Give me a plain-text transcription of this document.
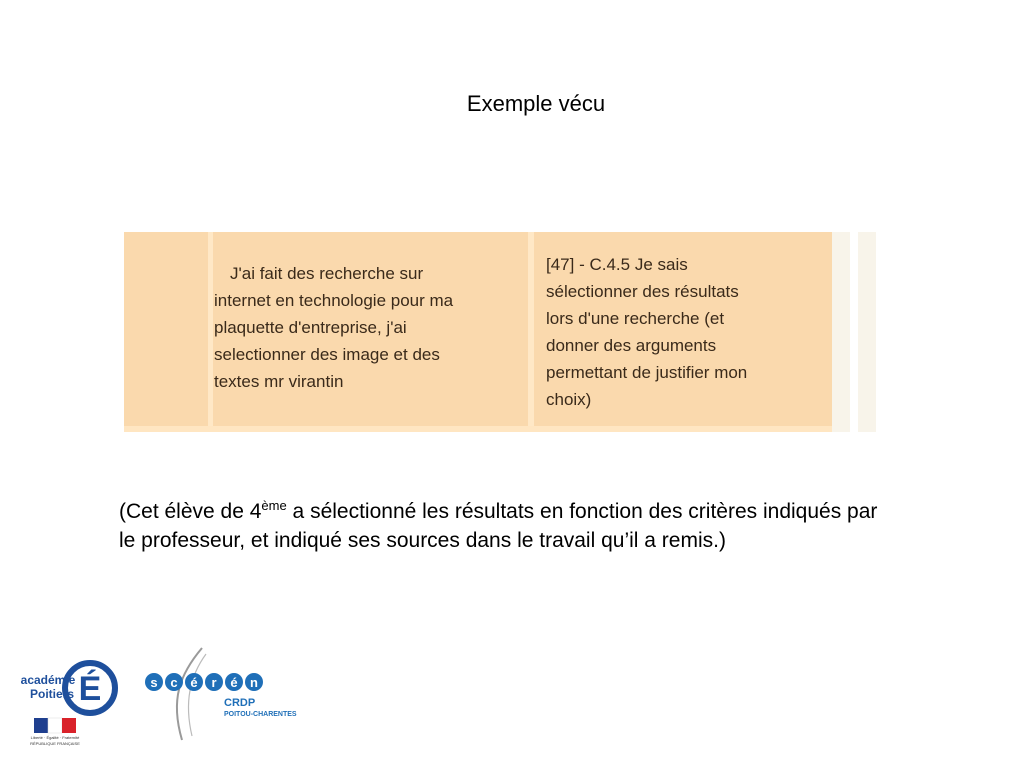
Exemple vécu
J'ai fait des recherche sur
internet en technologie pour ma
plaquette d'entreprise, j'ai
selectionner des image et des
textes mr virantin
[47] - C.4.5 Je sais
sélectionner des résultats
lors d'une recherche (et
donner des arguments
permettant de justifier mon
choix)
(Cet élève de 4ème a sélectionné les résultats en fonction des critères indiqués par le professeur, et indiqué ses sources dans le travail qu’il a remis.)
É
académie
Poitiers
Liberté · Égalité · Fraternité
RÉPUBLIQUE FRANÇAISE
s c é r é n
CRDP
POITOU-CHARENTES
